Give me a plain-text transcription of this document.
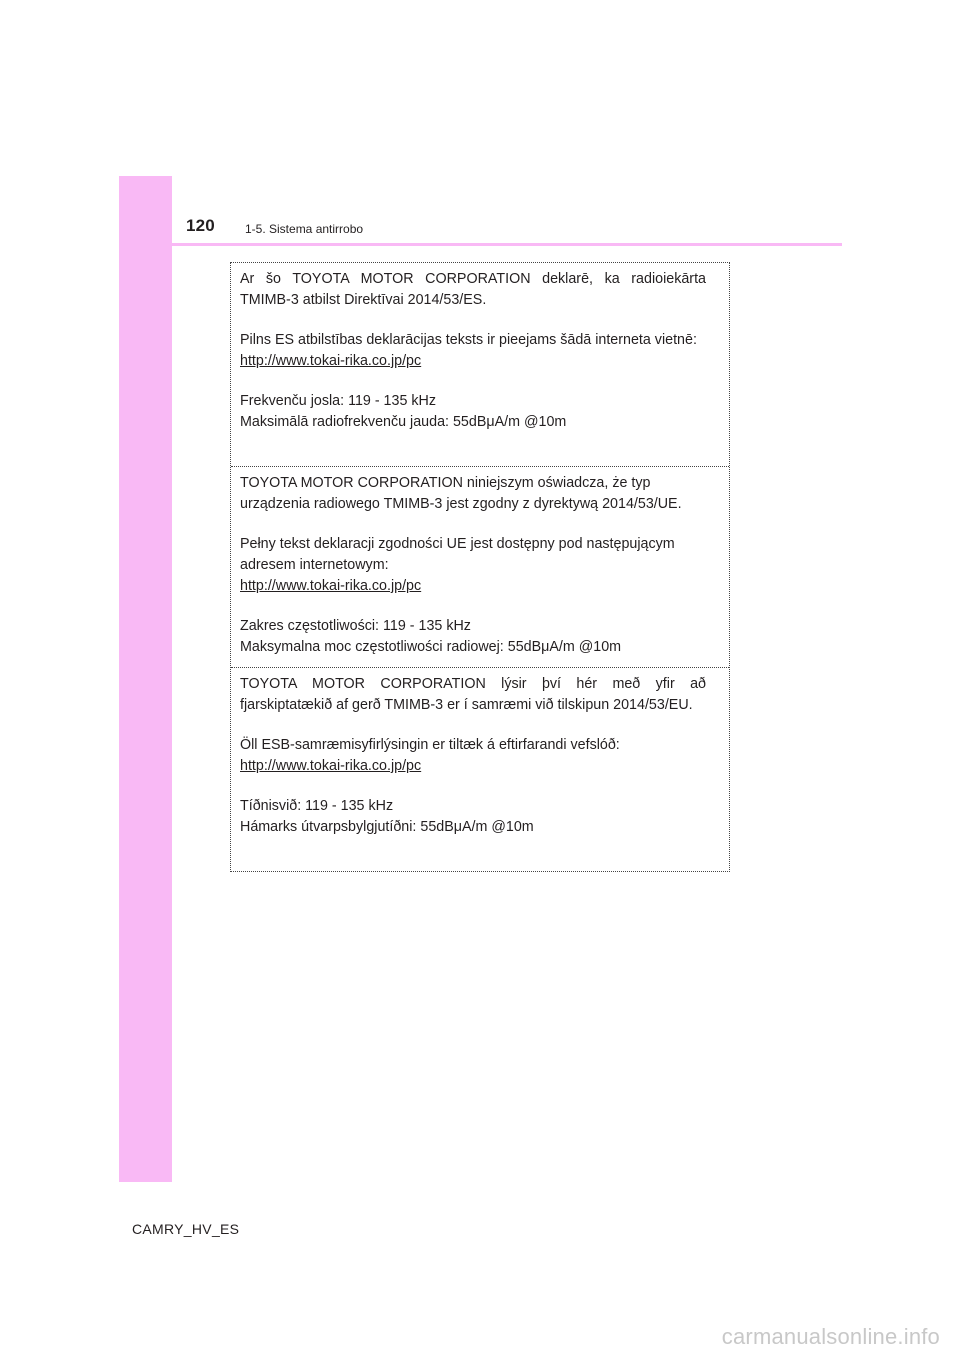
120	1-5. Sistema antirrobo

Ar šo TOYOTA MOTOR CORPORATION deklarē, ka radioiekārta TMIMB-3 atbilst Direktīvai 2014/53/ES.

Pilns ES atbilstības deklarācijas teksts ir pieejams šādā interneta vietnē:

http://www.tokai-rika.co.jp/pc

Frekvenču josla: 119 - 135 kHz

Maksimālā radiofrekvenču jauda: 55dBμA/m @10m

TOYOTA MOTOR CORPORATION niniejszym oświadcza, że typ urządzenia radiowego TMIMB-3 jest zgodny z dyrektywą 2014/53/UE.

Pełny tekst deklaracji zgodności UE jest dostępny pod następującym adresem internetowym:

http://www.tokai-rika.co.jp/pc

Zakres częstotliwości: 119 - 135 kHz

Maksymalna moc częstotliwości radiowej: 55dBμA/m @10m

TOYOTA MOTOR CORPORATION lýsir því hér með yfir að fjarskiptatækið af gerð TMIMB-3 er í samræmi við tilskipun 2014/53/EU.

Öll ESB-samræmisyfirlýsingin er tiltæk á eftirfarandi vefslóð:

http://www.tokai-rika.co.jp/pc

Tíðnisvið: 119 - 135 kHz

Hámarks útvarpsbylgjutíðni: 55dBμA/m @10m

CAMRY_HV_ES
carmanualsonline.info
